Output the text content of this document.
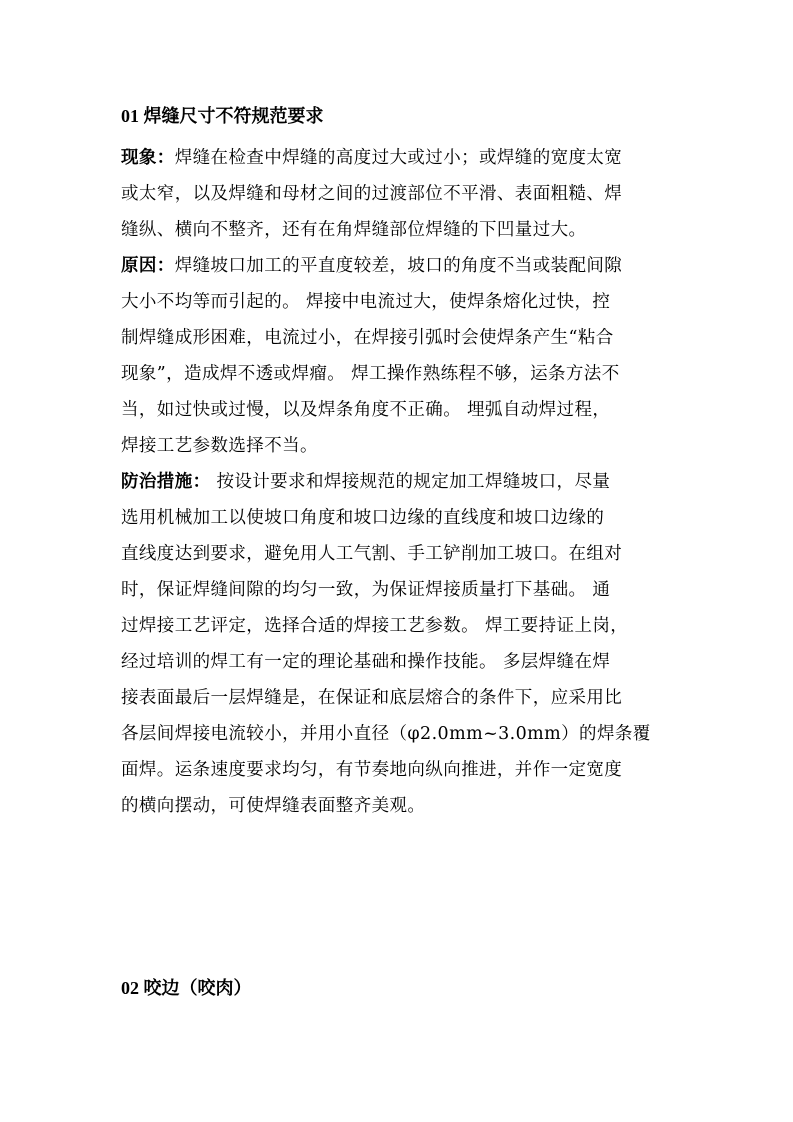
01 焊缝尺寸不符规范要求
现象：焊缝在检查中焊缝的高度过大或过小；或焊缝的宽度太宽
或太窄，以及焊缝和母材之间的过渡部位不平滑、表面粗糙、焊
缝纵、横向不整齐，还有在角焊缝部位焊缝的下凹量过大。
原因：焊缝坡口加工的平直度较差，坡口的角度不当或装配间隙
大小不均等而引起的。 焊接中电流过大，使焊条熔化过快，控
制焊缝成形困难，电流过小，在焊接引弧时会使焊条产生“粘合
现象”，造成焊不透或焊瘤。 焊工操作熟练程不够，运条方法不
当，如过快或过慢，以及焊条角度不正确。 埋弧自动焊过程，
焊接工艺参数选择不当。
防治措施： 按设计要求和焊接规范的规定加工焊缝坡口，尽量
选用机械加工以使坡口角度和坡口边缘的直线度和坡口边缘的
直线度达到要求，避免用人工气割、手工铲削加工坡口。在组对
时，保证焊缝间隙的均匀一致，为保证焊接质量打下基础。 通
过焊接工艺评定，选择合适的焊接工艺参数。 焊工要持证上岗，
经过培训的焊工有一定的理论基础和操作技能。 多层焊缝在焊
接表面最后一层焊缝是，在保证和底层熔合的条件下，应采用比
各层间焊接电流较小，并用小直径（φ2.0mm~3.0mm）的焊条覆
面焊。运条速度要求均匀，有节奏地向纵向推进，并作一定宽度
的横向摆动，可使焊缝表面整齐美观。
02 咬边（咬肉）
